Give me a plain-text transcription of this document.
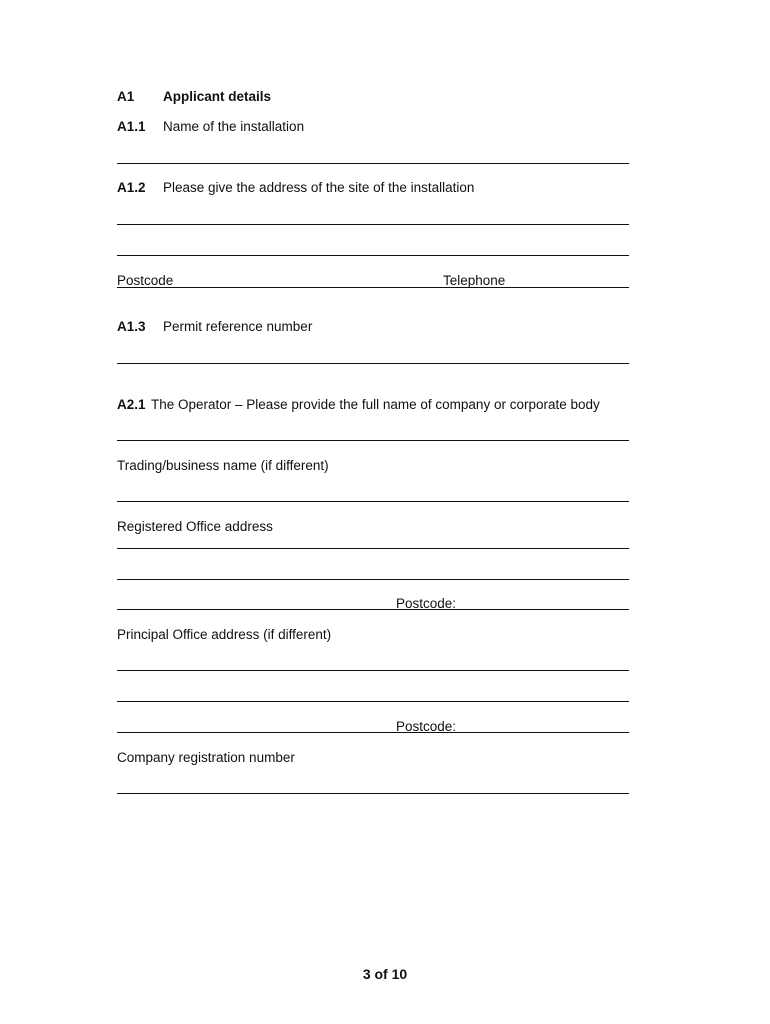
A1 Applicant details
A1.1 Name of the installation
A1.2 Please give the address of the site of the installation
Postcode	Telephone
A1.3 Permit reference number
A2.1 The Operator – Please provide the full name of company or corporate body
Trading/business name (if different)
Registered Office address
Postcode:
Principal Office address (if different)
Postcode:
Company registration number
3 of 10
